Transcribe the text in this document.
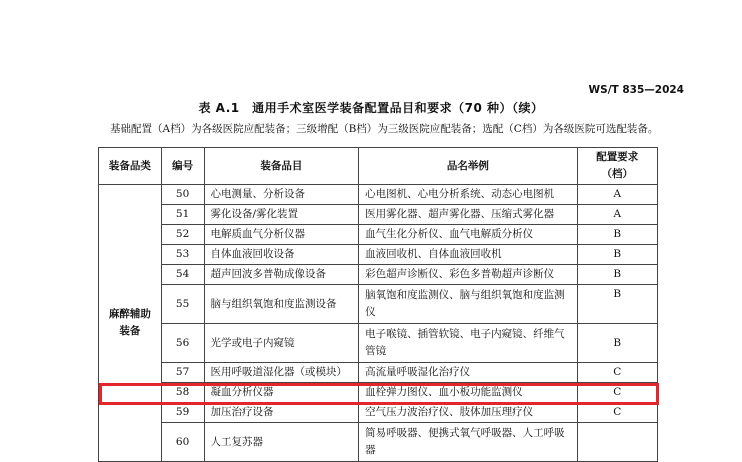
WS/T 835—2024
表 A.1　通用手术室医学装备配置品目和要求（70 种）（续）
基础配置（A档）为各级医院应配装备；三级增配（B档）为三级医院应配装备；选配（C档）为各级医院可选配装备。
装备品类	编号	装备品目	品名举例	配置要求（档）
麻醉辅助
装备	50	心电测量、分析设备	心电图机、心电分析系统、动态心电图机	A
	51	雾化设备/雾化装置	医用雾化器、超声雾化器、压缩式雾化器	A
	52	电解质血气分析仪器	血气生化分析仪、血气电解质分析仪	B
	53	自体血液回收设备	血液回收机、自体血液回收机	B
	54	超声回波多普勒成像设备	彩色超声诊断仪、彩色多普勒超声诊断仪	B
	55	脑与组织氧饱和度监测设备	脑氧饱和度监测仪、脑与组织氧饱和度监测仪	B
	56	光学或电子内窥镜	电子喉镜、插管软镜、电子内窥镜、纤维气管镜	B
	57	医用呼吸道湿化器（或模块）	高流量呼吸湿化治疗仪	C
	58	凝血分析仪器	血栓弹力图仪、血小板功能监测仪	C
	59	加压治疗设备	空气压力波治疗仪、肢体加压理疗仪	C
	60	人工复苏器	简易呼吸器、便携式氧气呼吸器、人工呼吸器	
